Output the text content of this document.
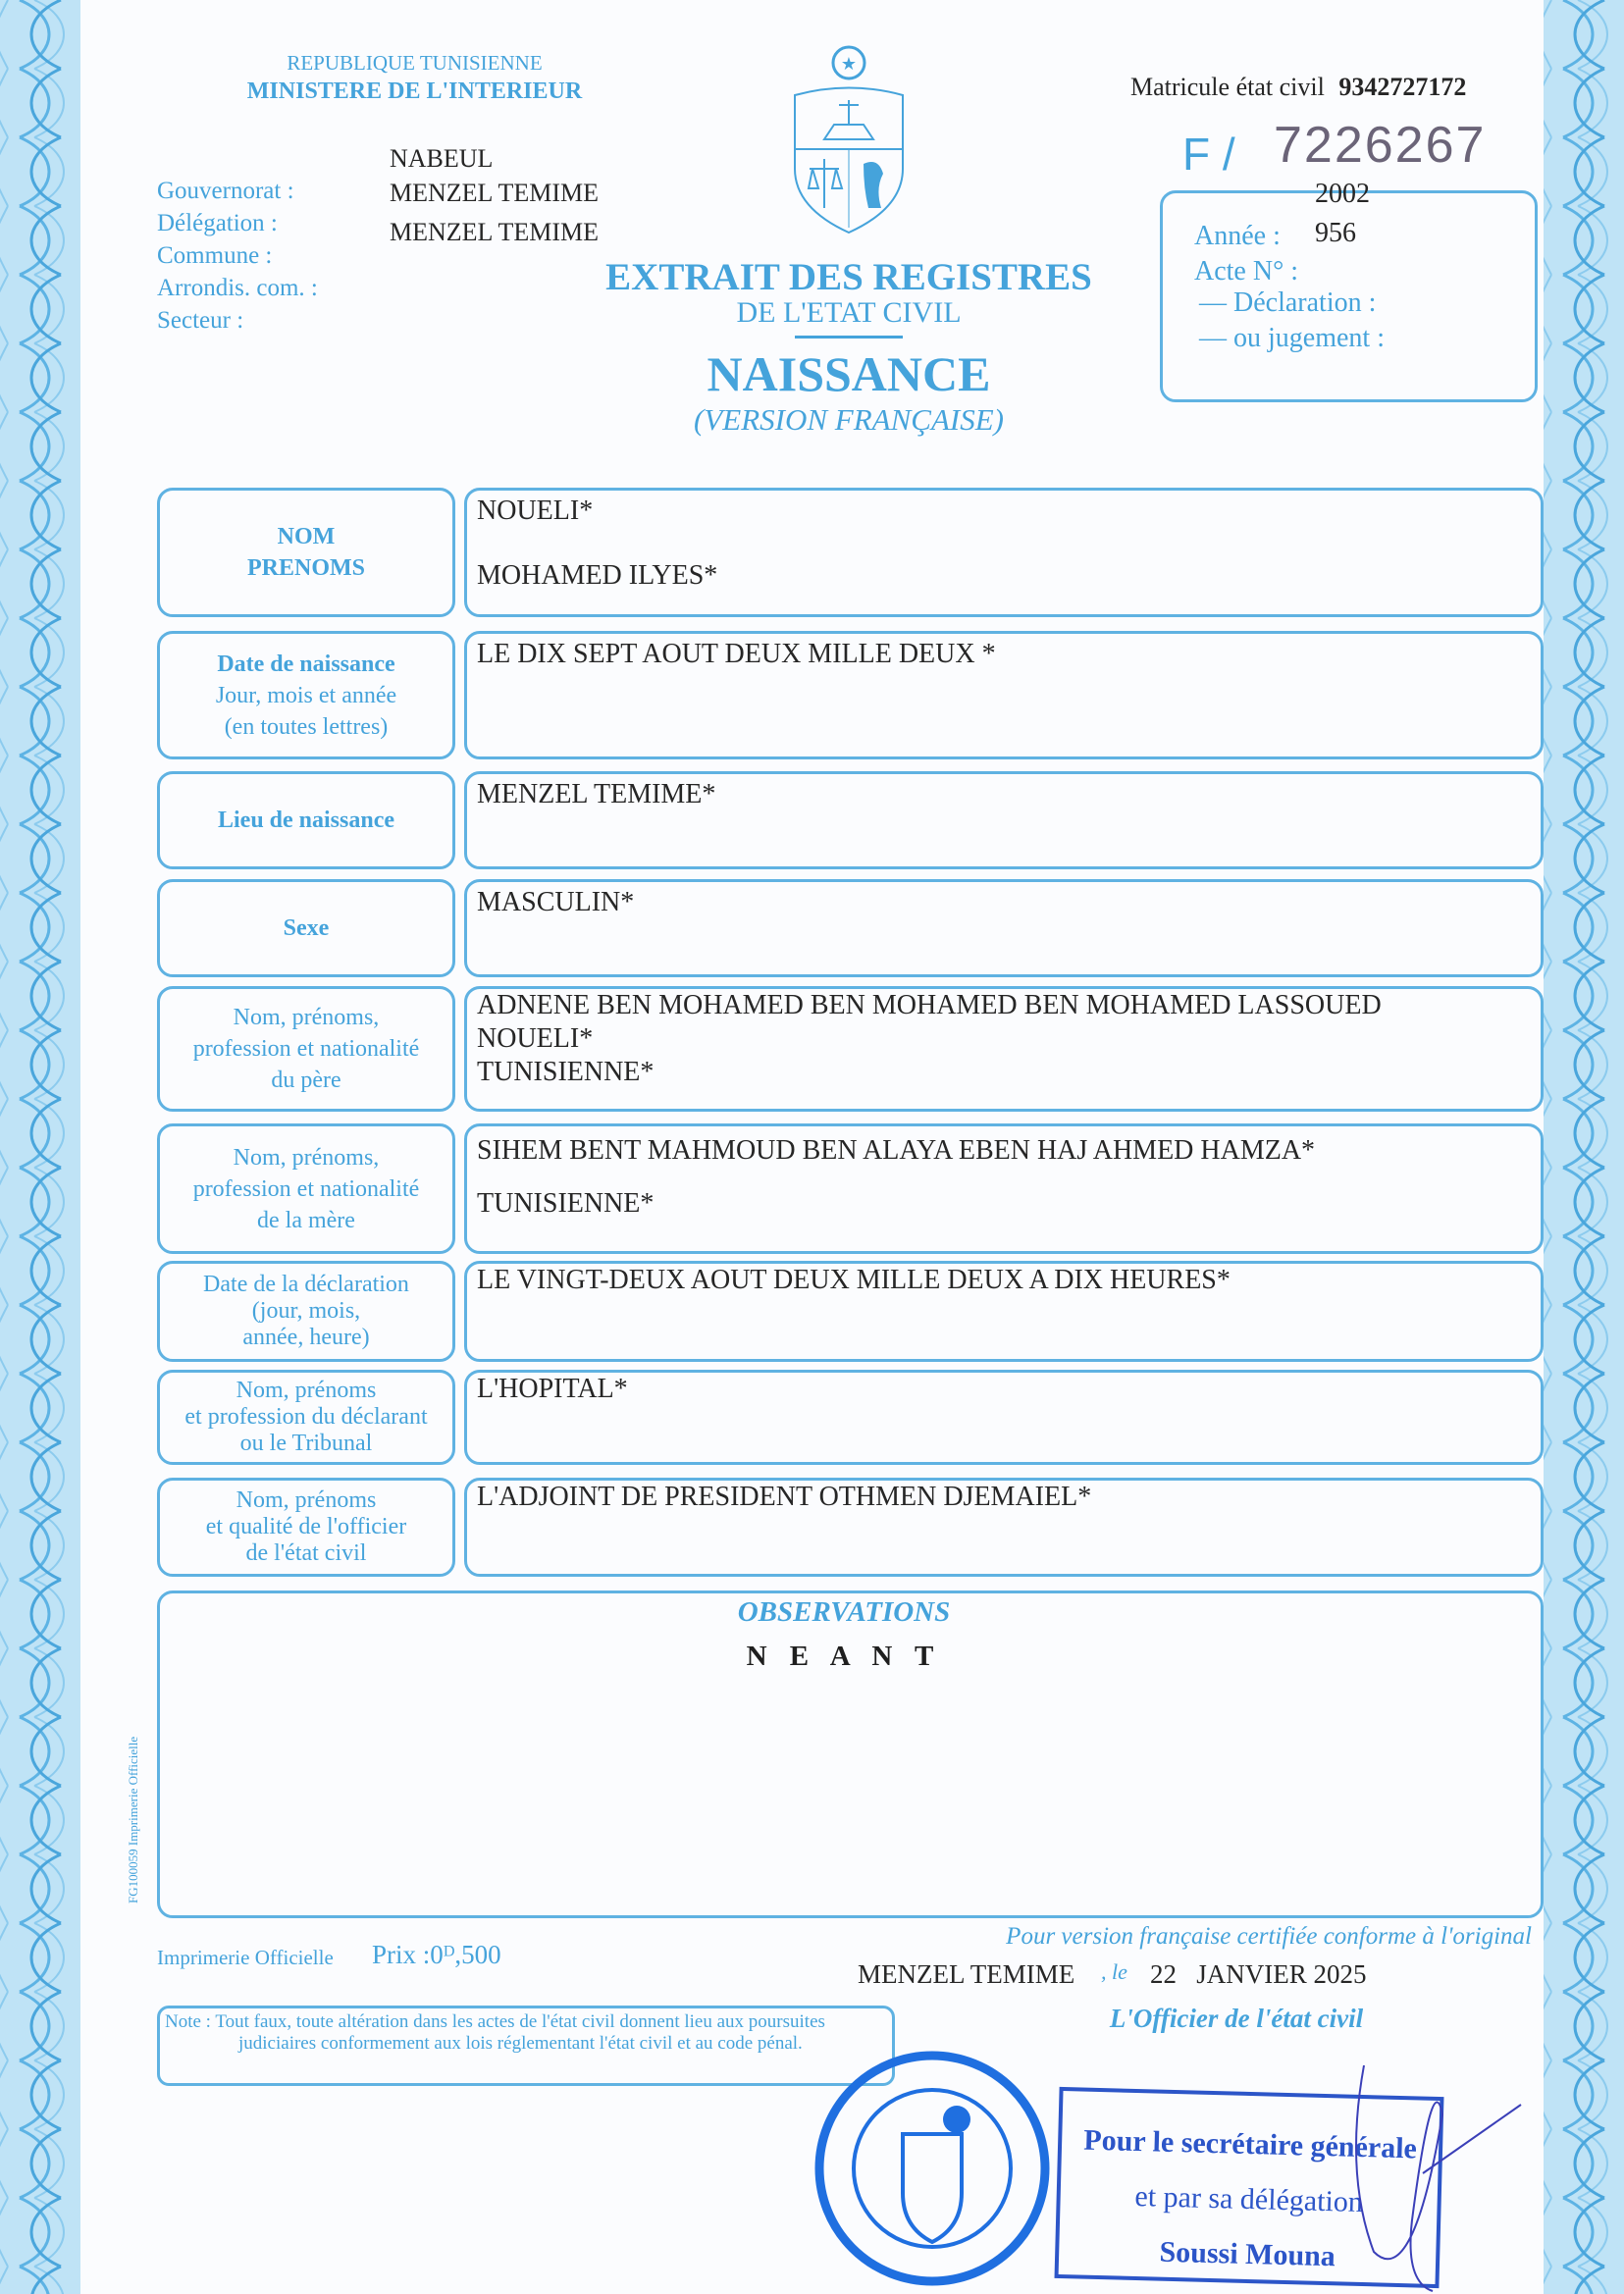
REPUBLIQUE TUNISIENNE
MINISTERE DE L'INTERIEUR
Gouvernorat :
Délégation :
Commune :
Arrondis. com. :
Secteur :
NABEUL
MENZEL TEMIME
MENZEL TEMIME
★
EXTRAIT DES REGISTRES
DE L'ETAT CIVIL
NAISSANCE
(VERSION FRANÇAISE)
Matricule état civil 9342727172
F / 7226267
2002
Année : 956
Acte N° :
— Déclaration :
— ou jugement :
NOM
PRENOMS
NOUELI*
MOHAMED ILYES*
Date de naissance
Jour, mois et année
(en toutes lettres)
LE DIX SEPT AOUT DEUX MILLE DEUX *
Lieu de naissance
MENZEL TEMIME*
Sexe
MASCULIN*
Nom, prénoms,
profession et nationalité
du père
ADNENE BEN MOHAMED BEN MOHAMED BEN MOHAMED LASSOUED
NOUELI*
TUNISIENNE*
Nom, prénoms,
profession et nationalité
de la mère
SIHEM BENT MAHMOUD BEN ALAYA EBEN HAJ AHMED HAMZA*
TUNISIENNE*
Date de la déclaration
(jour, mois,
année, heure)
LE VINGT-DEUX AOUT DEUX MILLE DEUX A DIX HEURES*
Nom, prénoms
et profession du déclarant
ou le Tribunal
L'HOPITAL*
Nom, prénoms
et qualité de l'officier
de l'état civil
L'ADJOINT DE PRESIDENT OTHMEN DJEMAIEL*
OBSERVATIONS
N E A N T
FG100059 Imprimerie Officielle
Pour version française certifiée conforme à l'original
Imprimerie Officielle Prix :0ᴰ,500
MENZEL TEMIME , le 22   JANVIER 2025
L'Officier de l'état civil
Note : Tout faux, toute altération dans les actes de l'état civil donnent lieu aux poursuites judiciaires conformement aux lois réglementant l'état civil et au code pénal.
Pour le secrétaire générale
et par sa délégation
Soussi Mouna
